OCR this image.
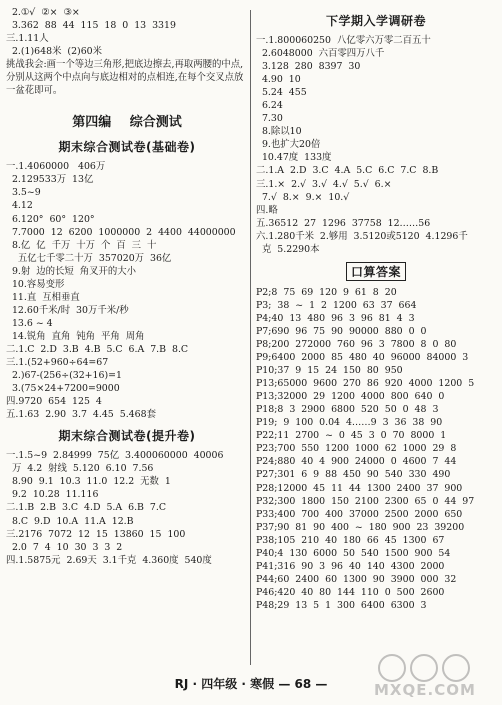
2.①√  ②×  ③×
3.362  88  44  115  18  0  13  3319
三.1.11人
2.(1)648米  (2)60米
挑战我会:画一个等边三角形,把底边擦去,再取两腰的中点,分别从这两个中点向与底边相对的点相连,在每个交叉点放一盆花即可。
第四编 综合测试
期末综合测试卷(基础卷)
一.1.4060000   406万
2.129533万  13亿
3.5~9
4.12
6.120°  60°  120°
7.7000  12  6200  1000000  2  4400  44000000
8.亿  亿  千万  十万  个  百  三  十
五亿七千零二十万  357020万  36亿
9.射  边的长短  角叉开的大小
10.容易变形
11.直  互相垂直
12.60千米/时  30万千米/秒
13.6 ~ 4
14.锐角  直角  钝角  平角  周角
二.1.C  2.D  3.B  4.B  5.C  6.A  7.B  8.C
三.1.(52+960÷64=67
2.)67-(256÷(32+16)=1
3.(75×24+7200=9000
四.9720  654  125  4
五.1.63  2.90  3.7  4.45  5.468套
期末综合测试卷(提升卷)
一.1.5~9  2.84999  75亿  3.400060000  40006
万  4.2  射线  5.120  6.10  7.56
8.90  9.1  10.3  11.0  12.2  无数  1
9.2  10.28  11.116
二.1.B  2.B  3.C  4.D  5.A  6.B  7.C
8.C  9.D  10.A  11.A  12.B
三.2176  7072  12  15  13860  15  100
2.0  7  4  10  30  3  3  2
四.1.5875元  2.69天  3.1千克  4.360度  540度
下学期入学调研卷
一.1.800060250  八亿零六万零二百五十
2.6048000  六百零四万八千
3.128  280  8397  30
4.90  10
5.24  455
6.24
7.30
8.除以10
9.也扩大20倍
10.47度  133度
二.1.A  2.D  3.C  4.A  5.C  6.C  7.C  8.B
三.1.×  2.√  3.√  4.√  5.√  6.×
7.√  8.×  9.×  10.√
四.略
五.36512  27  1296  37758  12……56
六.1.280千米  2.够用  3.5120或5120  4.1296千
克  5.2290本
口算答案
P2;8  75  69  120  9  61  8  20
P3;  38  ~  1  2  1200  63  37  664
P4;40  13  480  96  3  96  81  4  3
P7;690  96  75  90  90000  880  0  0
P8;200  272000  760  96  3  7800  8  0  80
P9;6400  2000  85  480  40  96000  84000  3
P10;37  9  15  24  150  80  950
P13;65000  9600  270  86  920  4000  1200  5
P13;32000  29  1200  4000  800  640  0
P18;8  3  2900  6800  520  50  0  48  3
P19;  9  100  0.04  4……9  3  36  38  90
P22;11  2700  ~  0  45  3  0  70  8000  1
P23;700  550  1200  1000  62  1000  29  8
P24;880  40  4  900  24000  0  4600  7  44
P27;301  6  9  88  450  90  540  330  490
P28;12000  45  11  44  1300  2400  37  900
P32;300  1800  150  2100  2300  65  0  44  97
P33;400  700  400  37000  2500  2000  650
P37;90  81  90  400  ~  180  900  23  39200
P38;105  210  40  180  66  45  1300  67
P40;4  130  6000  50  540  1500  900  54
P41;316  90  3  96  40  140  4300  2000
P44;60  2400  60  1300  90  3900  000  32
P46;420  40  80  144  110  0  500  2600
P48;29  13  5  1  300  6400  6300  3
RJ · 四年级 · 寒假 — 68 —	MXQE.COM
